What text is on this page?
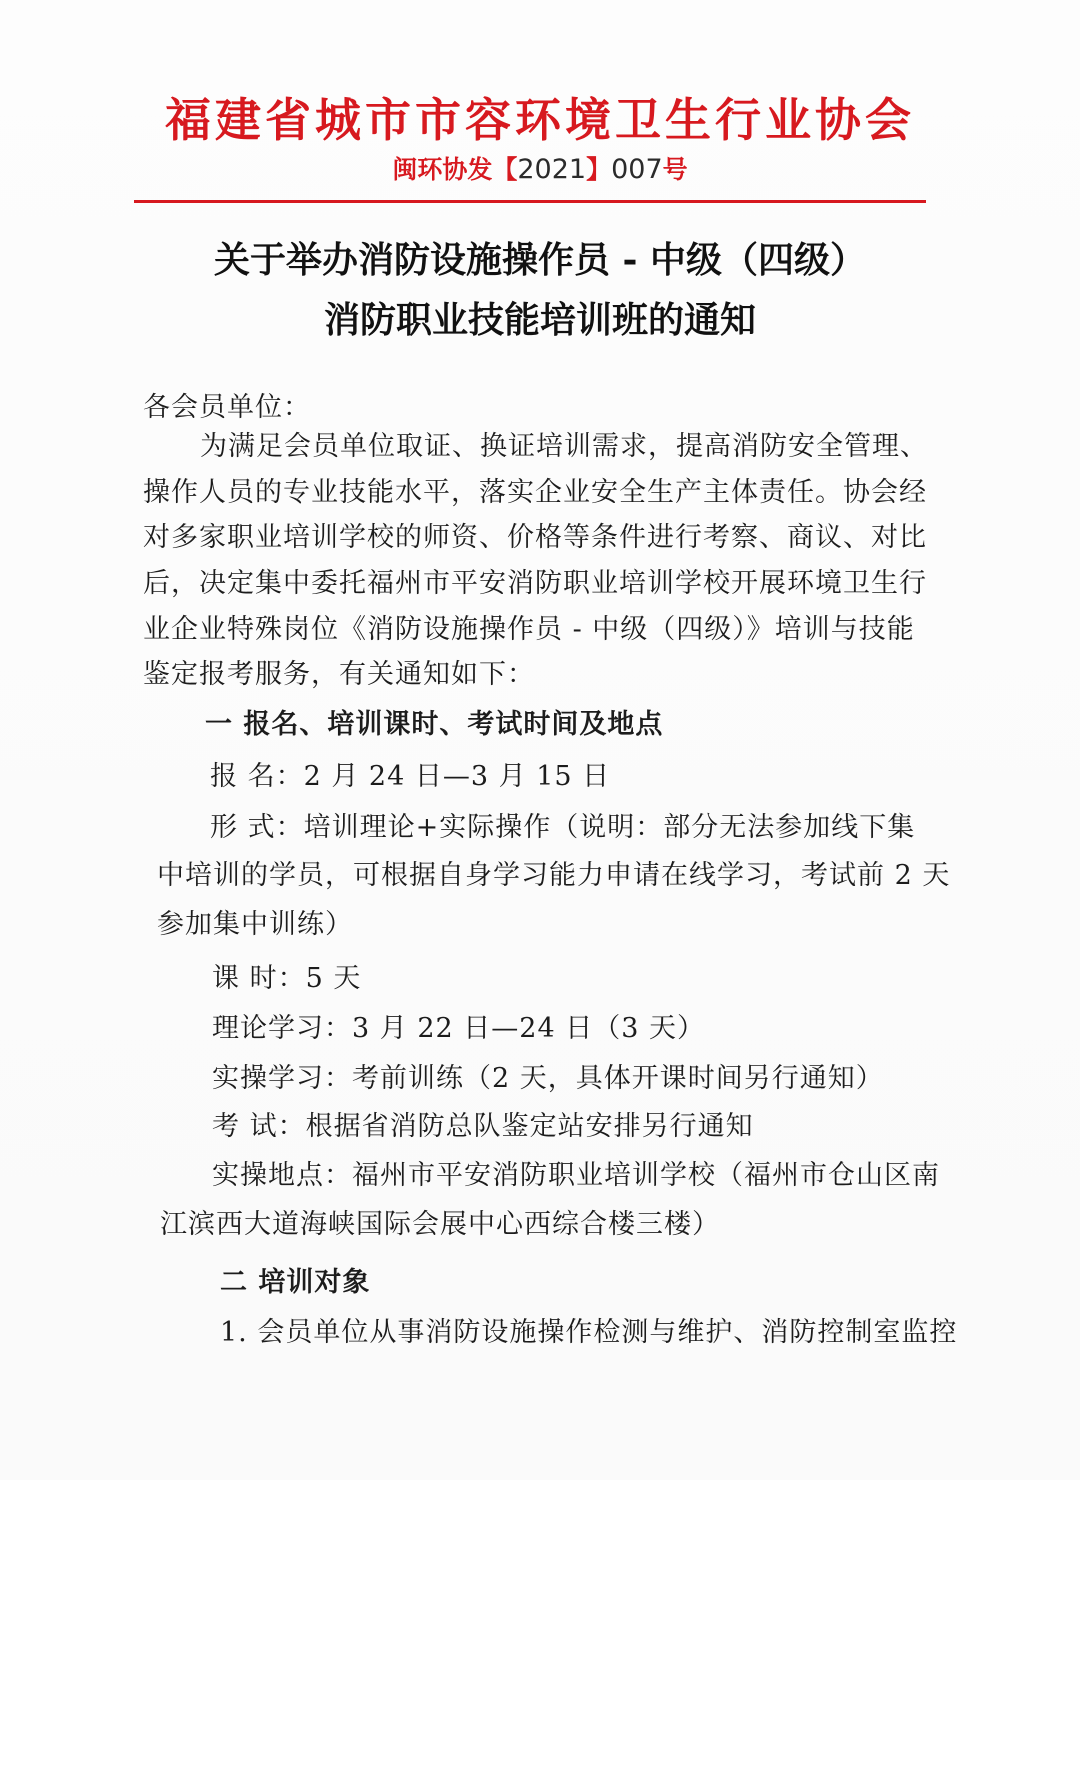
福建省城市市容环境卫生行业协会
闽环协发【2021】007号
关于举办消防设施操作员 - 中级（四级）
消防职业技能培训班的通知
各会员单位：
为满足会员单位取证、换证培训需求，提高消防安全管理、
操作人员的专业技能水平，落实企业安全生产主体责任。协会经
对多家职业培训学校的师资、价格等条件进行考察、商议、对比
后，决定集中委托福州市平安消防职业培训学校开展环境卫生行
业企业特殊岗位《消防设施操作员 - 中级（四级）》培训与技能
鉴定报考服务，有关通知如下：
一 报名、培训课时、考试时间及地点
报 名：2 月 24 日—3 月 15 日
形 式：培训理论+实际操作（说明：部分无法参加线下集
中培训的学员，可根据自身学习能力申请在线学习，考试前 2 天
参加集中训练）
课 时：5 天
理论学习：3 月 22 日—24 日（3 天）
实操学习：考前训练（2 天，具体开课时间另行通知）
考 试：根据省消防总队鉴定站安排另行通知
实操地点：福州市平安消防职业培训学校（福州市仓山区南
江滨西大道海峡国际会展中心西综合楼三楼）
二 培训对象
1. 会员单位从事消防设施操作检测与维护、消防控制室监控
